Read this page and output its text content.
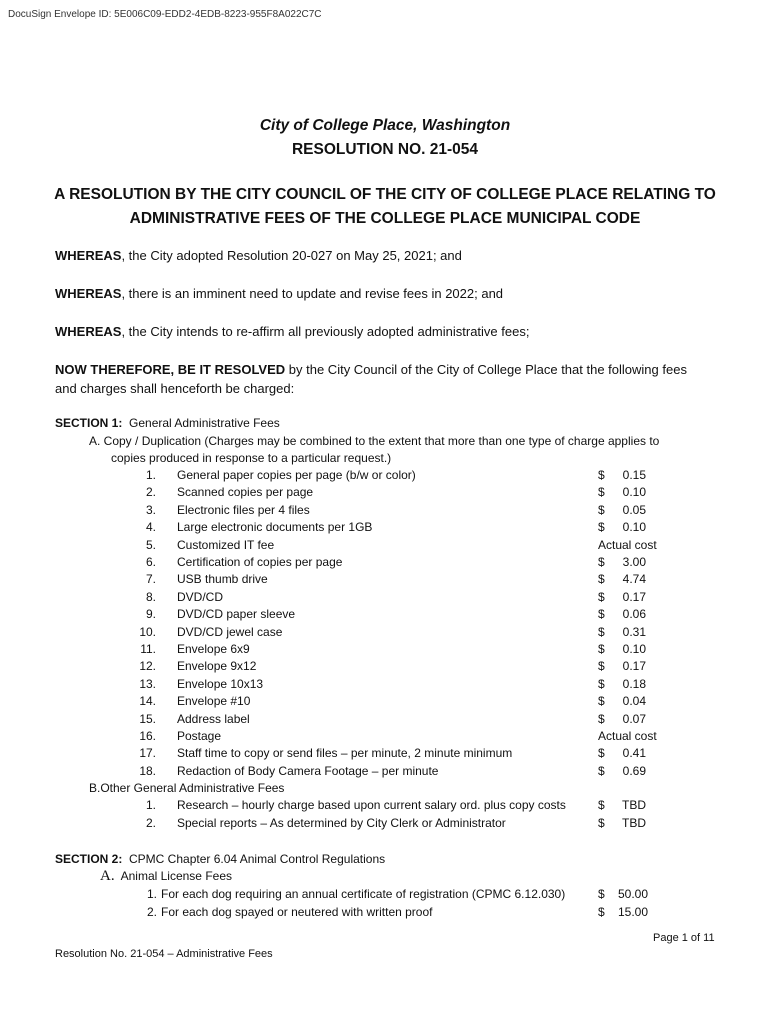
DocuSign Envelope ID: 5E006C09-EDD2-4EDB-8223-955F8A022C7C
City of College Place, Washington
RESOLUTION NO. 21-054
A RESOLUTION BY THE CITY COUNCIL OF THE CITY OF COLLEGE PLACE RELATING TO
ADMINISTRATIVE FEES OF THE COLLEGE PLACE MUNICIPAL CODE
WHEREAS, the City adopted Resolution 20-027 on May 25, 2021; and
WHEREAS, there is an imminent need to update and revise fees in 2022; and
WHEREAS, the City intends to re-affirm all previously adopted administrative fees;
NOW THEREFORE, BE IT RESOLVED by the City Council of the City of College Place that the following fees and charges shall henceforth be charged:
SECTION 1: General Administrative Fees
A. Copy / Duplication (Charges may be combined to the extent that more than one type of charge applies to
copies produced in response to a particular request.)
1. General paper copies per page (b/w or color)	$ 0.15
2. Scanned copies per page	$ 0.10
3. Electronic files per 4 files	$ 0.05
4. Large electronic documents per 1GB	$ 0.10
5. Customized IT fee	Actual cost
6. Certification of copies per page	$ 3.00
7. USB thumb drive	$ 4.74
8. DVD/CD	$ 0.17
9. DVD/CD paper sleeve	$ 0.06
10. DVD/CD jewel case	$ 0.31
11. Envelope 6x9	$ 0.10
12. Envelope 9x12	$ 0.17
13. Envelope 10x13	$ 0.18
14. Envelope #10	$ 0.04
15. Address label	$ 0.07
16. Postage	Actual cost
17. Staff time to copy or send files – per minute, 2 minute minimum	$ 0.41
18. Redaction of Body Camera Footage – per minute	$ 0.69
B.Other General Administrative Fees
1. Research – hourly charge based upon current salary ord. plus copy costs	$ TBD
2. Special reports – As determined by City Clerk or Administrator	$ TBD
SECTION 2: CPMC Chapter 6.04 Animal Control Regulations
A. Animal License Fees
1. For each dog requiring an annual certificate of registration (CPMC 6.12.030)	$ 50.00
2. For each dog spayed or neutered with written proof	$ 15.00
Page 1 of 11
Resolution No. 21-054 – Administrative Fees
